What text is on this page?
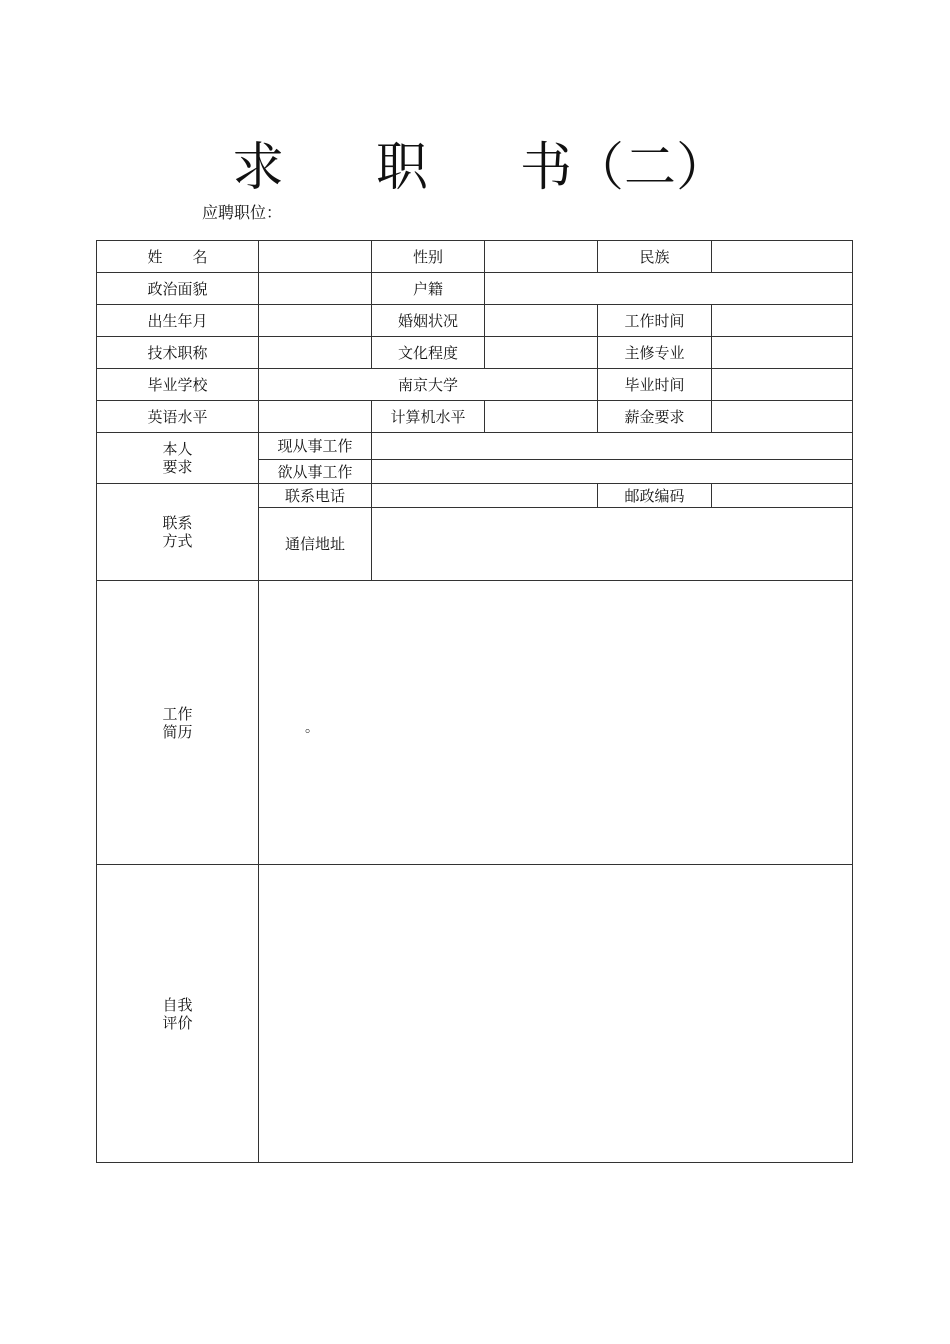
求 职 书（二）
应聘职位：
姓　　名		性别		民族	
政治面貌		户籍			
出生年月		婚姻状况		工作时间	
技术职称		文化程度		主修专业	
毕业学校	南京大学			毕业时间	
英语水平		计算机水平		薪金要求	

本人
要求	现从事工作				
	欲从事工作				

联系
方式	联系电话			邮政编码	
	通信地址				

工作
简历	。				

自我
评价					
